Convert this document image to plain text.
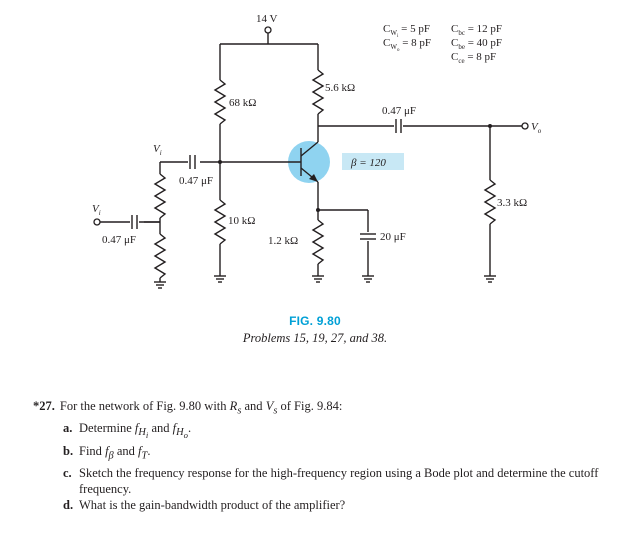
14 V
$C_Wi = 5$ pF
$C_Wo = 8$ pF
$C_{bc} = 12$ pF
$C_{be} = 40$ pF
$C_{ce} = 8$ pF
68 kΩ
5.6 kΩ
0.47 μF
$V_o$
3.3 kΩ
β = 120
0.47 μF
$V_i$
10 kΩ
1.2 kΩ	20 μF
$V_i$
0.47 μF
FIG. 9.80
Problems 15, 19, 27, and 38.
*27. For the network of Fig. 9.80 with $R_s$ and $V_s$ of Fig. 9.84:
a. Determine $f_{H_i}$ and $f_{H_o}$.
b. Find $f_\beta$ and $f_T$.
c. Sketch the frequency response for the high-frequency region using a Bode plot and determine the cutoff frequency.
d. What is the gain-bandwidth product of the amplifier?
